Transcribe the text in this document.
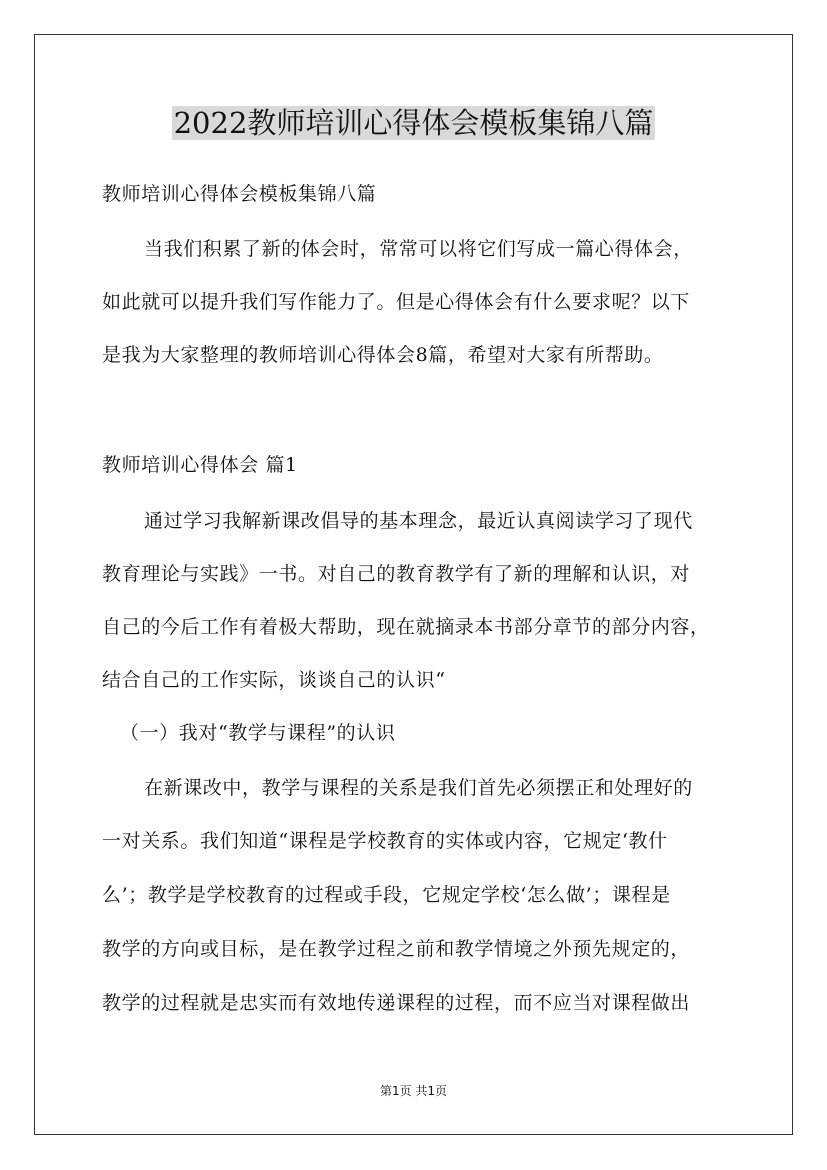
2022教师培训心得体会模板集锦八篇
教师培训心得体会模板集锦八篇
当我们积累了新的体会时，常常可以将它们写成一篇心得体会，
如此就可以提升我们写作能力了。但是心得体会有什么要求呢？以下
是我为大家整理的教师培训心得体会8篇，希望对大家有所帮助。
教师培训心得体会 篇1
通过学习我解新课改倡导的基本理念，最近认真阅读学习了现代
教育理论与实践》一书。对自己的教育教学有了新的理解和认识，对
自己的今后工作有着极大帮助，现在就摘录本书部分章节的部分内容，
结合自己的工作实际，谈谈自己的认识“
（一）我对“教学与课程”的认识
在新课改中，教学与课程的关系是我们首先必须摆正和处理好的
一对关系。我们知道“课程是学校教育的实体或内容，它规定‘教什
么’；教学是学校教育的过程或手段，它规定学校‘怎么做’；课程是
教学的方向或目标，是在教学过程之前和教学情境之外预先规定的，
教学的过程就是忠实而有效地传递课程的过程，而不应当对课程做出
第1页 共1页
